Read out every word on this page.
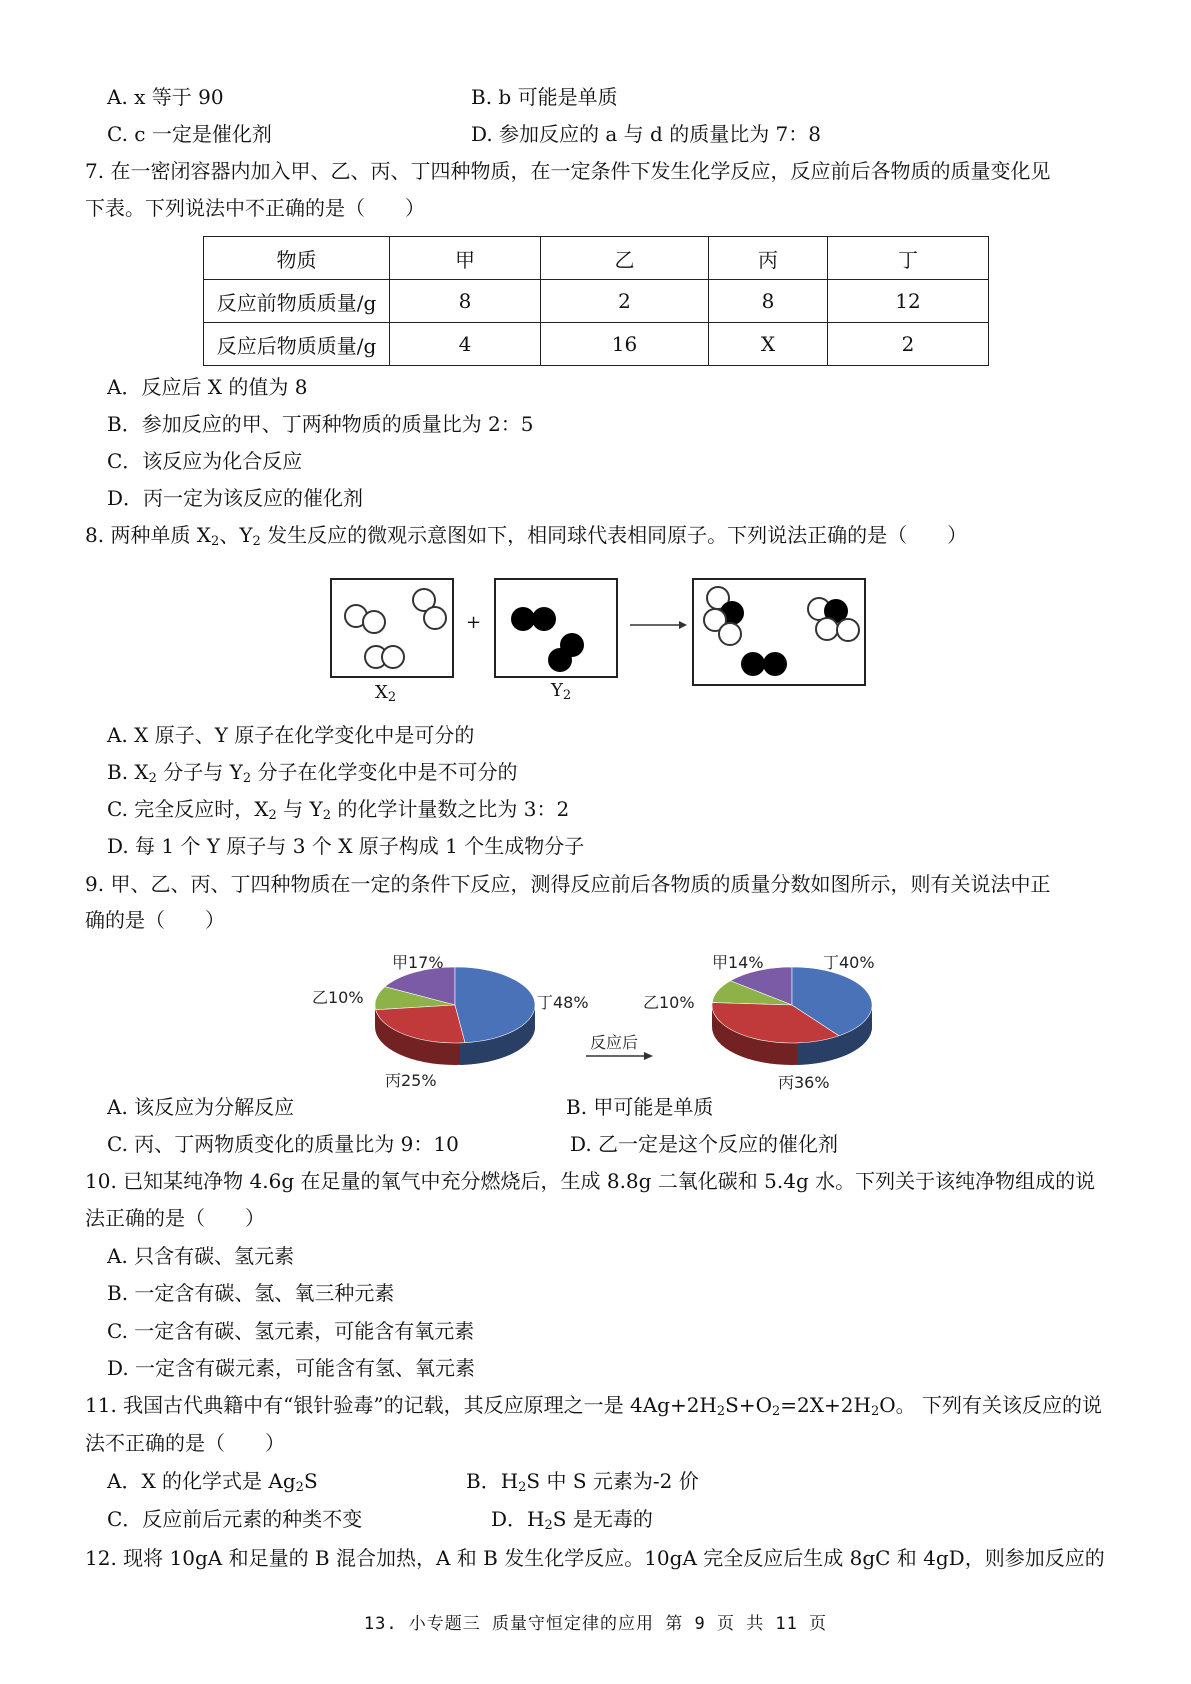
A. x 等于 90	B. b 可能是单质
C. c 一定是催化剂	D. 参加反应的 a 与 d 的质量比为 7：8
7. 在一密闭容器内加入甲、乙、丙、丁四种物质，在一定条件下发生化学反应，反应前后各物质的质量变化见
下表。下列说法中不正确的是（　　）
物质	甲	乙	丙	丁
反应前物质质量/g	8	2	8	12
反应后物质质量/g	4	16	X	2
A．反应后 X 的值为 8
B．参加反应的甲、丁两种物质的质量比为 2：5
C．该反应为化合反应
D．丙一定为该反应的催化剂
8. 两种单质 $X_2$、$Y_2$ 发生反应的微观示意图如下，相同球代表相同原子。下列说法正确的是（　　）
$X_2$
+
$Y_2$
A. X 原子、Y 原子在化学变化中是可分的
B. $X_2$ 分子与 $Y_2$ 分子在化学变化中是不可分的
C. 完全反应时，$X_2$ 与 $Y_2$ 的化学计量数之比为 3：2
D. 每 1 个 Y 原子与 3 个 X 原子构成 1 个生成物分子
9. 甲、乙、丙、丁四种物质在一定的条件下反应，测得反应前后各物质的质量分数如图所示，则有关说法中正
确的是（　　）
甲17%
乙10%
丙25%
丁48%
甲14%
乙10%
丙36%
丁40%
反应后
A. 该反应为分解反应	B. 甲可能是单质
C. 丙、丁两物质变化的质量比为 9：10	D. 乙一定是这个反应的催化剂
10. 已知某纯净物 4.6g 在足量的氧气中充分燃烧后，生成 8.8g 二氧化碳和 5.4g 水。下列关于该纯净物组成的说
法正确的是（　　）
A. 只含有碳、氢元素
B. 一定含有碳、氢、氧三种元素
C. 一定含有碳、氢元素，可能含有氧元素
D. 一定含有碳元素，可能含有氢、氧元素
11. 我国古代典籍中有“银针验毒”的记载，其反应原理之一是 $4Ag+2H_2S+O_2=2X+2H_2O$。 下列有关该反应的说
法不正确的是（　　）
A．X 的化学式是 $Ag_2S$	B．$H_2S$ 中 S 元素为-2 价
C．反应前后元素的种类不变	D．$H_2S$ 是无毒的
12. 现将 10gA 和足量的 B 混合加热，A 和 B 发生化学反应。10gA 完全反应后生成 8gC 和 4gD，则参加反应的
13. 小专题三 质量守恒定律的应用 第 9 页 共 11 页
